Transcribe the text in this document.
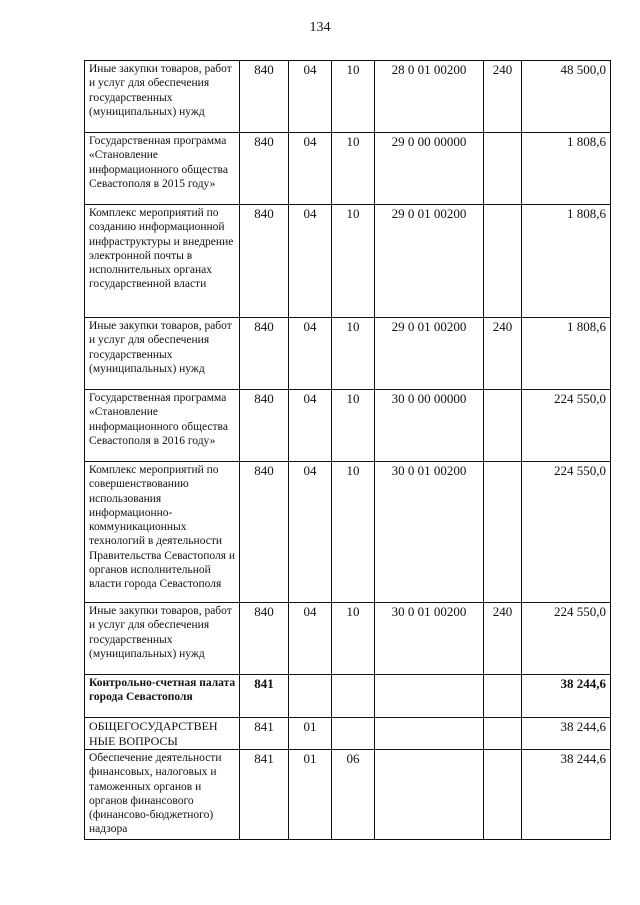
134
Иные закупки товаров, работ и услуг для обеспечения государственных (муниципальных) нужд	840	04	10	28 0 01 00200	240	48 500,0
Государственная программа «Становление информационного общества Севастополя в 2015 году»	840	04	10	29 0 00 00000		1 808,6
Комплекс мероприятий по созданию информационной инфраструктуры и внедрение электронной почты в исполнительных органах государственной власти	840	04	10	29 0 01 00200		1 808,6
Иные закупки товаров, работ и услуг для обеспечения государственных (муниципальных) нужд	840	04	10	29 0 01 00200	240	1 808,6
Государственная программа «Становление информационного общества Севастополя в 2016 году»	840	04	10	30 0 00 00000		224 550,0
Комплекс мероприятий по совершенствованию использования информационно-коммуникационных технологий в деятельности Правительства Севастополя и органов исполнительной власти города Севастополя	840	04	10	30 0 01 00200		224 550,0
Иные закупки товаров, работ и услуг для обеспечения государственных (муниципальных) нужд	840	04	10	30 0 01 00200	240	224 550,0
Контрольно-счетная палата города Севастополя	841					38 244,6
ОБЩЕГОСУДАРСТВЕН НЫЕ ВОПРОСЫ	841	01				38 244,6
Обеспечение деятельности финансовых, налоговых и таможенных органов и органов финансового (финансово-бюджетного) надзора	841	01	06			38 244,6
